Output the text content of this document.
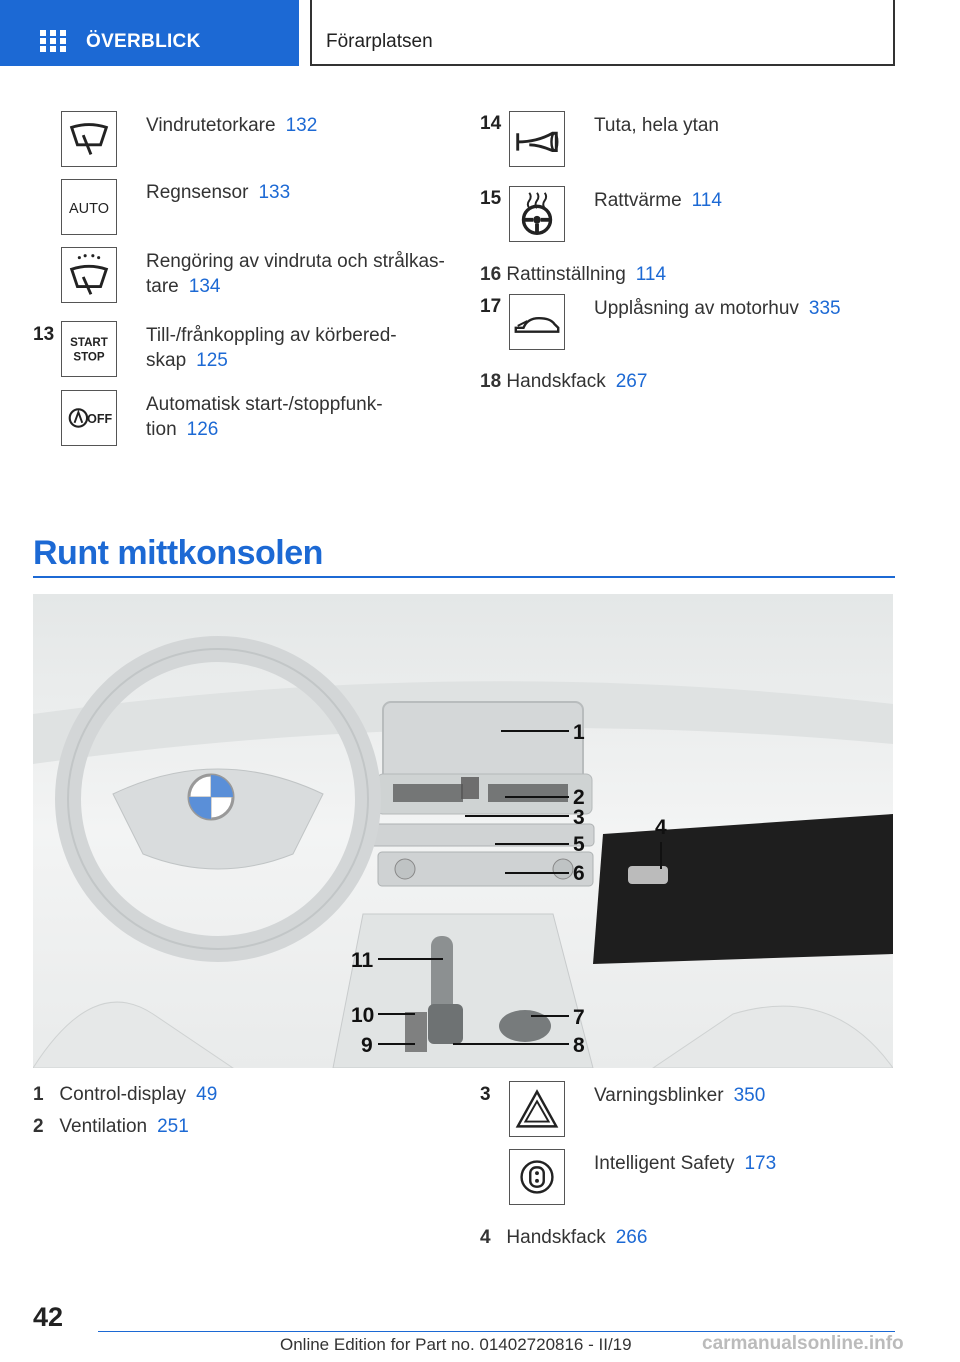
ÖVERBLICK	Förarplatsen
Vindrutetorkare 132
AUTO
Regnsensor 133
Rengöring av vindruta och strålkas-
tare 134
13 START
STOP
Till-/frånkoppling av körbered-
skap 125
OFF
Automatisk start-/stoppfunk-
tion 126
14	Tuta, hela ytan
15	Rattvärme 114
16 Rattinställning 114
17	Upplåsning av motorhuv 335
18 Handskfack 267
Runt mittkonsolen
1
2
3	4
5
6
7
8
9
10
11
1 Control-display 49
2 Ventilation 251
3	Varningsblinker 350
Intelligent Safety 173
4 Handskfack 266
42
Online Edition for Part no. 01402720816 - II/19	carmanualsonline.info
